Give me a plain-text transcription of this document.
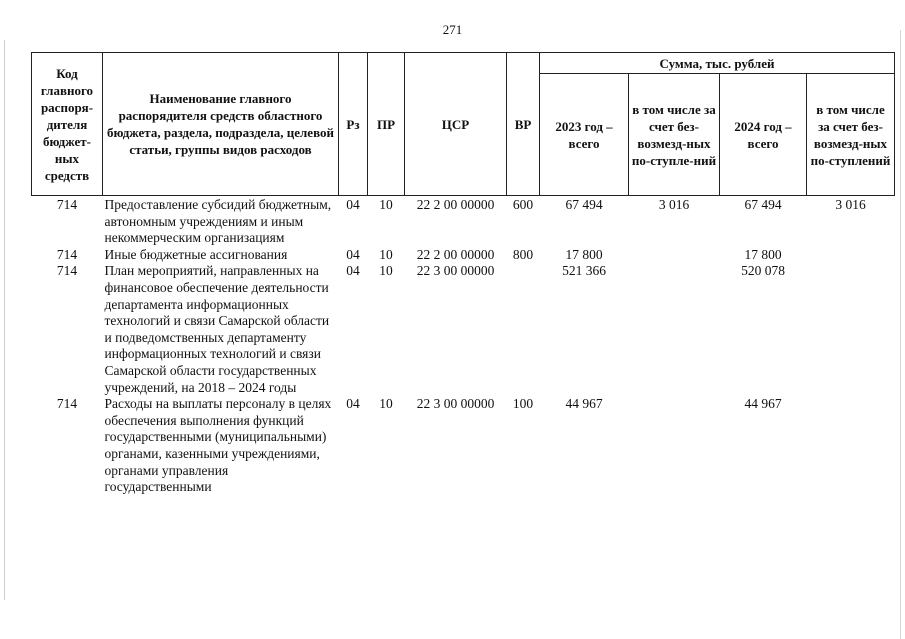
271
Код главного распоря-дителя бюджет-ных средств	Наименование главного распорядителя средств областного бюджета, раздела, подраздела, целевой статьи, группы видов расходов	Рз	ПР	ЦСР	ВР	Сумма, тыс. рублей			
						2023 год – всего	в том числе за счет без-возмезд-ных по-ступле-ний	2024 год – всего	в том числе за счет без-возмезд-ных по-ступлений
714	Предоставление субсидий бюджетным, автономным учреждениям и иным некоммерческим организациям	04	10	22 2 00 00000	600	67 494	3 016	67 494	3 016
714	Иные бюджетные ассигнования	04	10	22 2 00 00000	800	17 800		17 800	
714	План мероприятий, направленных на финансовое обеспечение деятельности департамента информационных технологий и связи Самарской области и подведомственных департаменту информационных технологий и связи Самарской области государственных учреждений, на 2018 – 2024 годы	04	10	22 3 00 00000		521 366		520 078	
714	Расходы на выплаты персоналу в целях обеспечения выполнения функций государственными (муниципальными) органами, казенными учреждениями, органами управления государственными	04	10	22 3 00 00000	100	44 967		44 967	
